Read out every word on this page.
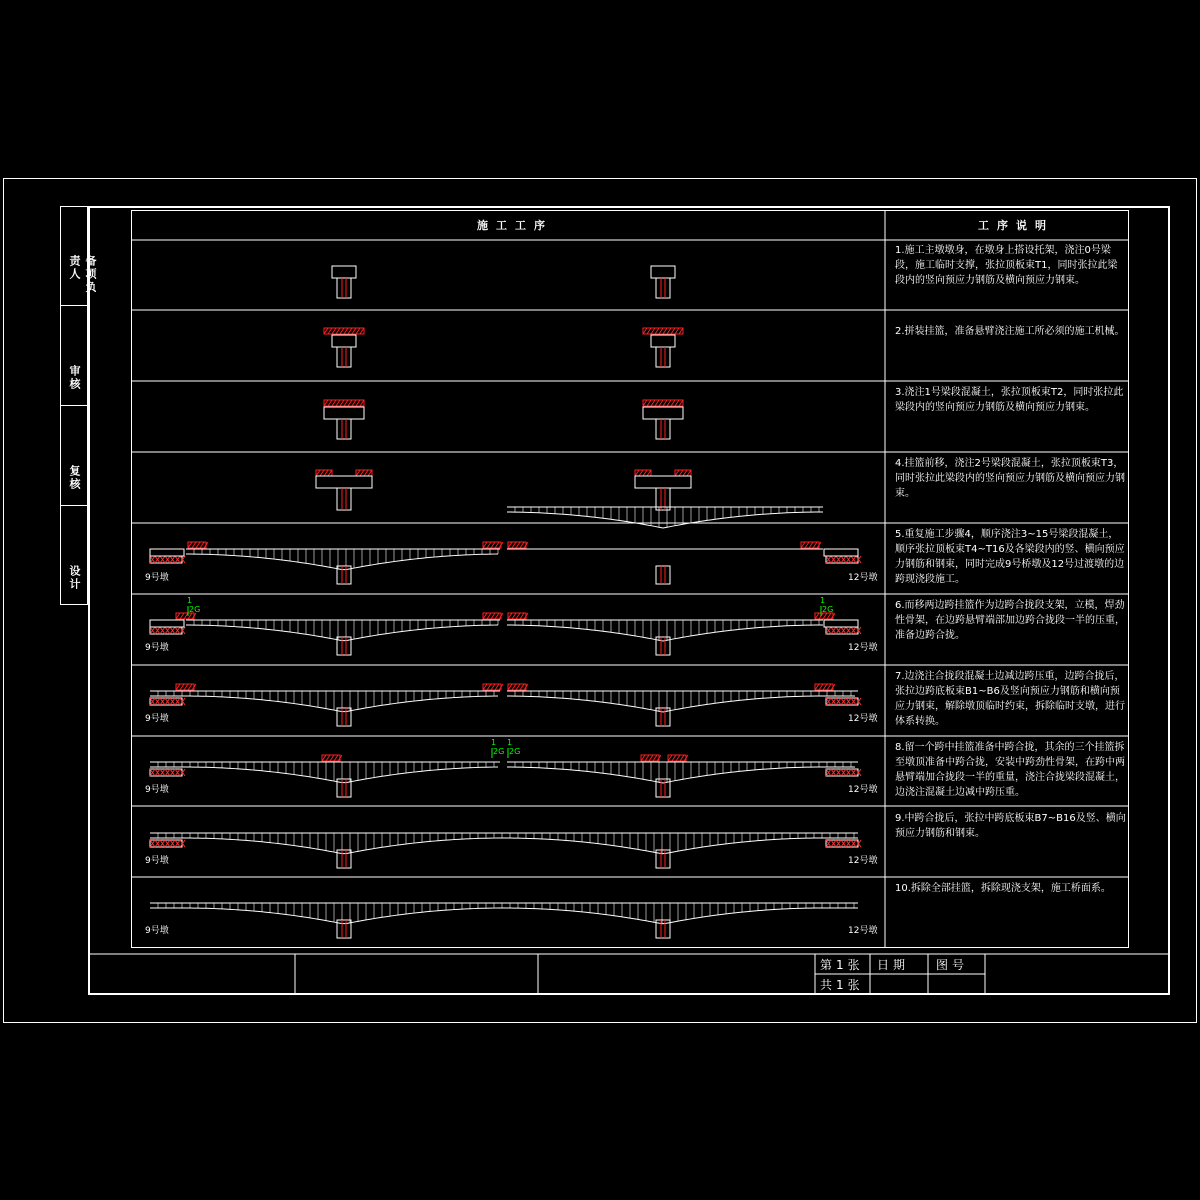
备项负责人
审核
复核
设计
施工工序	工序说明
1.施工主墩墩身，在墩身上搭设托架，浇注0号梁段，施工临时支撑，张拉顶板束T1，同时张拉此梁段内的竖向预应力钢筋及横向预应力钢束。
2.拼装挂篮，准备悬臂浇注施工所必须的施工机械。
3.浇注1号梁段混凝土，张拉顶板束T2，同时张拉此梁段内的竖向预应力钢筋及横向预应力钢束。
4.挂篮前移，浇注2号梁段混凝土，张拉顶板束T3，同时张拉此梁段内的竖向预应力钢筋及横向预应力钢束。
5.重复施工步骤4，顺序浇注3~15号梁段混凝土，顺序张拉顶板束T4~T16及各梁段内的竖、横向预应力钢筋和钢束，同时完成9号桥墩及12号过渡墩的边跨现浇段施工。
6.而移两边跨挂篮作为边跨合拢段支架，立模，焊劲性骨架，在边跨悬臂端部加边跨合拢段一半的压重，准备边跨合拢。
7.边浇注合拢段混凝土边减边跨压重，边跨合拢后，张拉边跨底板束B1~B6及竖向预应力钢筋和横向预应力钢束，解除墩顶临时约束，拆除临时支墩，进行体系转换。
8.留一个跨中挂篮准备中跨合拢，其余的三个挂篮拆至墩顶准备中跨合拢，安装中跨劲性骨架，在跨中两悬臂端加合拢段一半的重量，浇注合拢梁段混凝土，边浇注混凝土边减中跨压重。
9.中跨合拢后，张拉中跨底板束B7~B16及竖、横向预应力钢筋和钢束。
10.拆除全部挂篮，拆除现浇支架，施工桥面系。
9号墩	12号墩
1
2G
1
2G
9号墩	12号墩
9号墩	12号墩
1
2G
1
2G
9号墩	12号墩
9号墩	12号墩
9号墩	12号墩
第1张 日期 图号
共1张
